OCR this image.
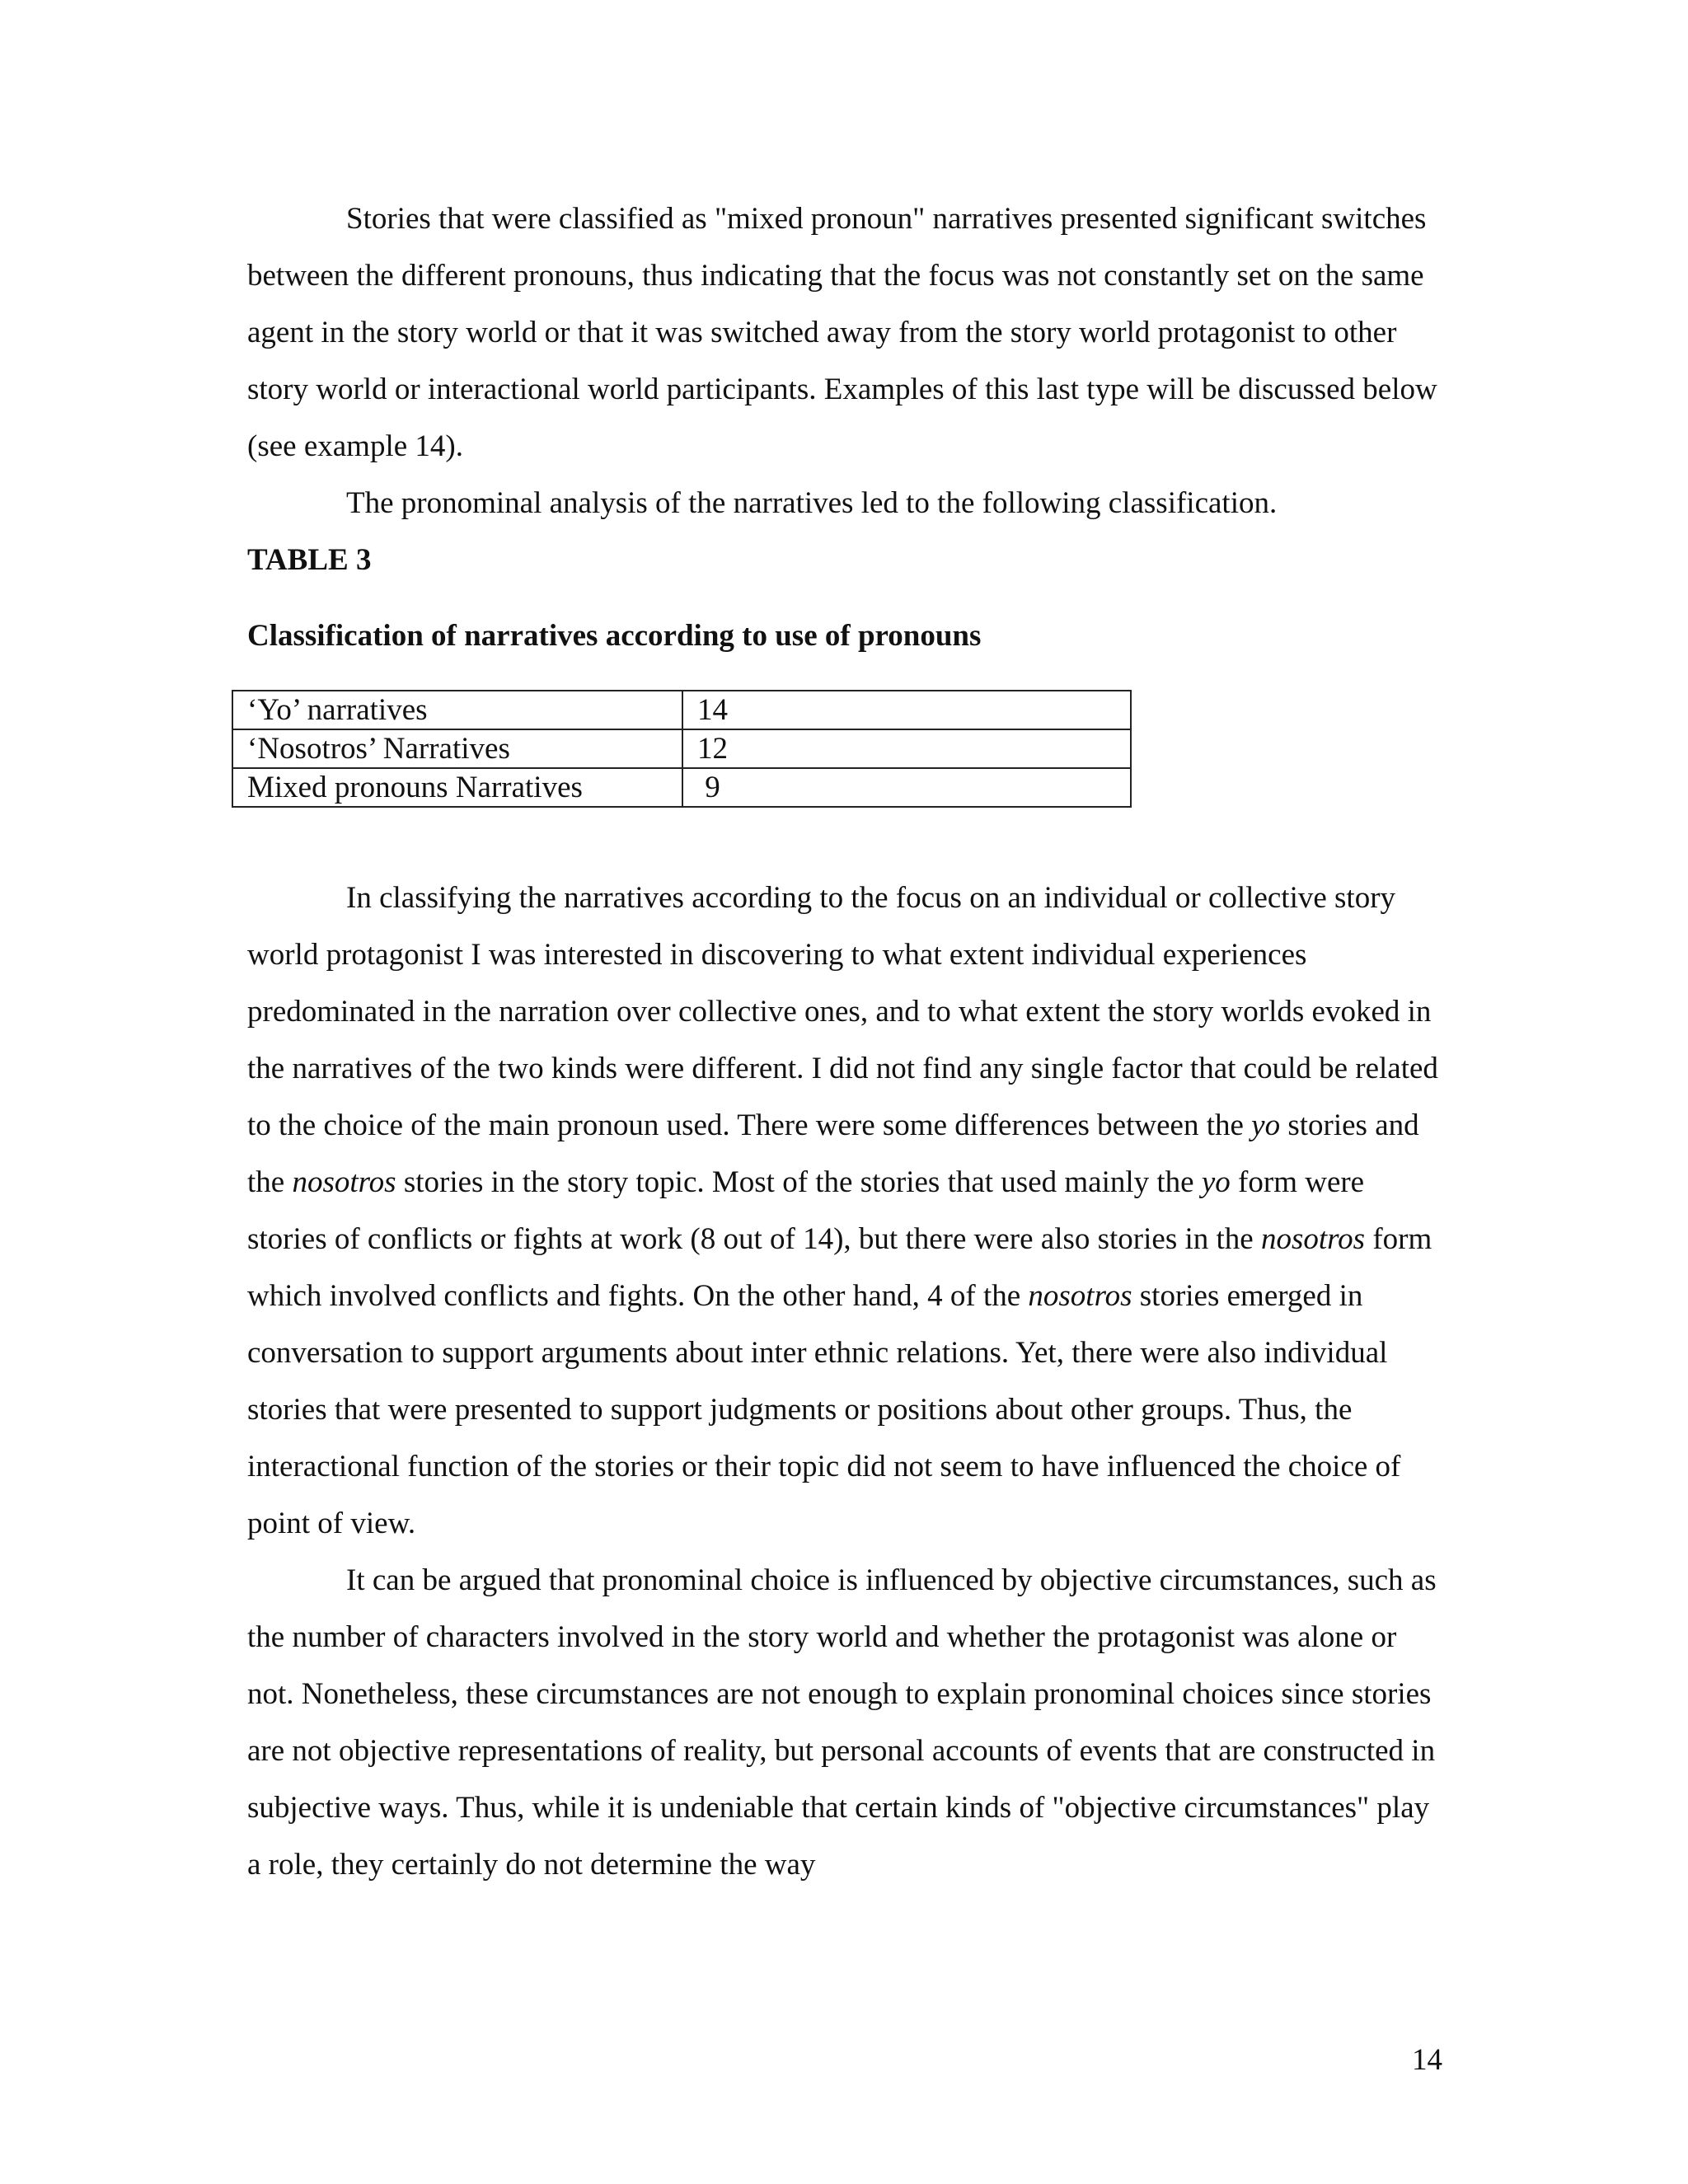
Stories that were classified as "mixed pronoun" narratives presented significant switches between the different pronouns, thus indicating that the focus was not constantly set on the same agent in the story world or that it was switched away from the story world protagonist to other story world or interactional world participants. Examples of this last type will be discussed below (see example 14).

The pronominal analysis of the narratives led to the following classification.

TABLE 3

Classification of narratives according to use of pronouns

‘Yo’ narratives	14
‘Nosotros’ Narratives	12
Mixed pronouns Narratives	9

In classifying the narratives according to the focus on an individual or collective story world protagonist I was interested in discovering to what extent individual experiences predominated in the narration over collective ones, and to what extent the story worlds evoked in the narratives of the two kinds were different. I did not find any single factor that could be related to the choice of the main pronoun used. There were some differences between the yo stories and the nosotros stories in the story topic. Most of the stories that used mainly the yo form were stories of conflicts or fights at work (8 out of 14), but there were also stories in the nosotros form which involved conflicts and fights. On the other hand, 4 of the nosotros stories emerged in conversation to support arguments about inter ethnic relations. Yet, there were also individual stories that were presented to support judgments or positions about other groups. Thus, the interactional function of the stories or their topic did not seem to have influenced the choice of point of view.

It can be argued that pronominal choice is influenced by objective circumstances, such as the number of characters involved in the story world and whether the protagonist was alone or not. Nonetheless, these circumstances are not enough to explain pronominal choices since stories are not objective representations of reality, but personal accounts of events that are constructed in subjective ways. Thus, while it is undeniable that certain kinds of "objective circumstances" play a role, they certainly do not determine the way

14
